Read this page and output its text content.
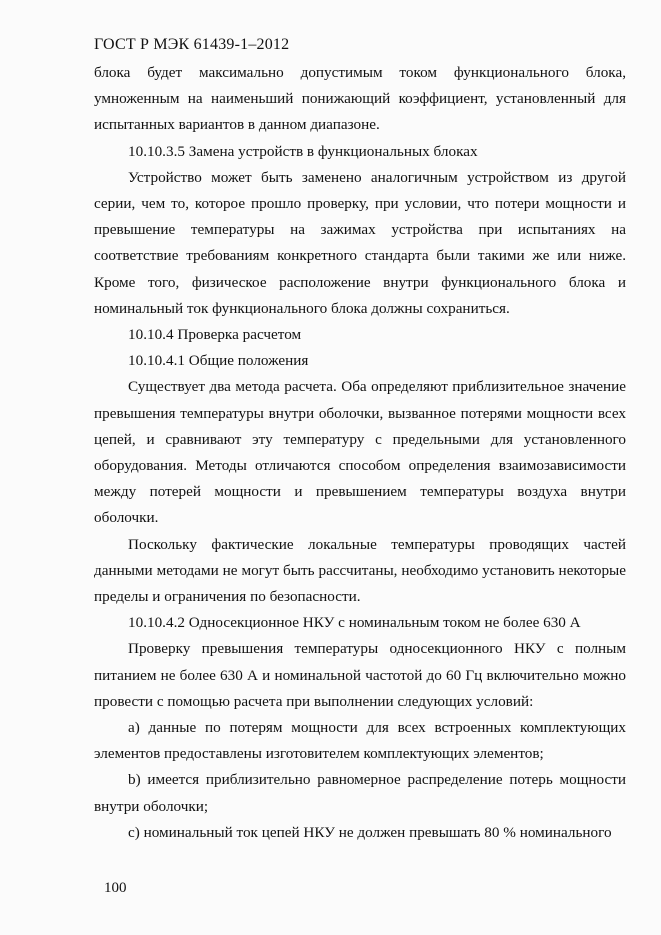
ГОСТ Р МЭК 61439-1–2012

блока будет максимально допустимым током функционального блока, умноженным на наименьший понижающий коэффициент, установленный для испытанных вариантов в данном диапазоне.

10.10.3.5 Замена устройств в функциональных блоках

Устройство может быть заменено аналогичным устройством из другой серии, чем то, которое прошло проверку, при условии, что потери мощности и превышение температуры на зажимах устройства при испытаниях на соответствие требованиям конкретного стандарта были такими же или ниже. Кроме того, физическое расположение внутри функционального блока и номинальный ток функционального блока должны сохраниться.

10.10.4 Проверка расчетом

10.10.4.1 Общие положения

Существует два метода расчета. Оба определяют приблизительное значение превышения температуры внутри оболочки, вызванное потерями мощности всех цепей, и сравнивают эту температуру с предельными для установленного оборудования. Методы отличаются способом определения взаимозависимости между потерей мощности и превышением температуры воздуха внутри оболочки.

Поскольку фактические локальные температуры проводящих частей данными методами не могут быть рассчитаны, необходимо установить некоторые пределы и ограничения по безопасности.

10.10.4.2 Односекционное НКУ с номинальным током не более 630 А

Проверку превышения температуры односекционного НКУ с полным питанием не более 630 А и номинальной частотой до 60 Гц включительно можно провести с помощью расчета при выполнении следующих условий:

a) данные по потерям мощности для всех встроенных комплектующих элементов предоставлены изготовителем комплектующих элементов;

b) имеется приблизительно равномерное распределение потерь мощности внутри оболочки;

c) номинальный ток цепей НКУ не должен превышать 80 % номинального

100
